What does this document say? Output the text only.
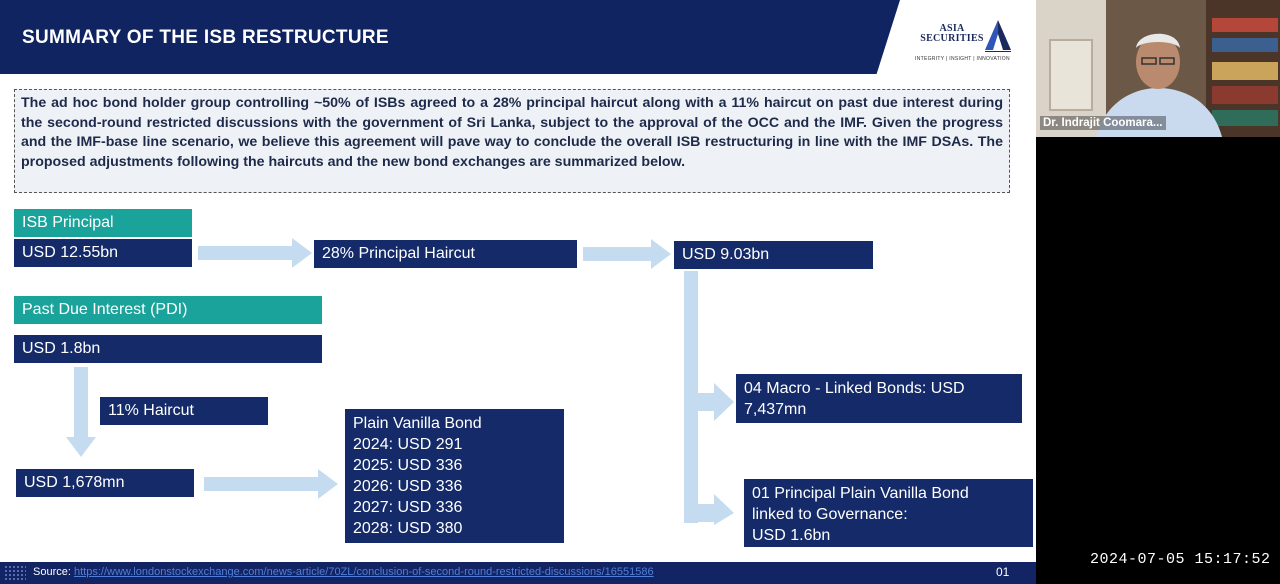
SUMMARY OF THE ISB RESTRUCTURE	ASIA
SECURITIES
INTEGRITY | INSIGHT | INNOVATION

The ad hoc bond holder group controlling ~50% of ISBs agreed to a 28% principal haircut along with a 11% haircut on past due interest during the second-round restricted discussions with the government of Sri Lanka, subject to the approval of the OCC and the IMF. Given the progress and the IMF-base line scenario, we believe this agreement will pave way to conclude the overall ISB restructuring in line with the IMF DSAs. The proposed adjustments following the haircuts and the new bond exchanges are summarized below.

ISB Principal
USD 12.55bn	28% Principal Haircut	USD 9.03bn
Past Due Interest (PDI)
USD 1.8bn
11% Haircut
USD 1,678mn
Plain Vanilla Bond
2024: USD 291
2025: USD 336
2026: USD 336
2027: USD 336
2028: USD 380
04 Macro - Linked Bonds: USD
7,437mn
01 Principal Plain Vanilla Bond
linked to Governance:
USD 1.6bn
Source: https://www.londonstockexchange.com/news-article/70ZL/conclusion-of-second-round-restricted-discussions/16551586	01
Dr. Indrajit Coomara...
2024-07-05 15:17:52
